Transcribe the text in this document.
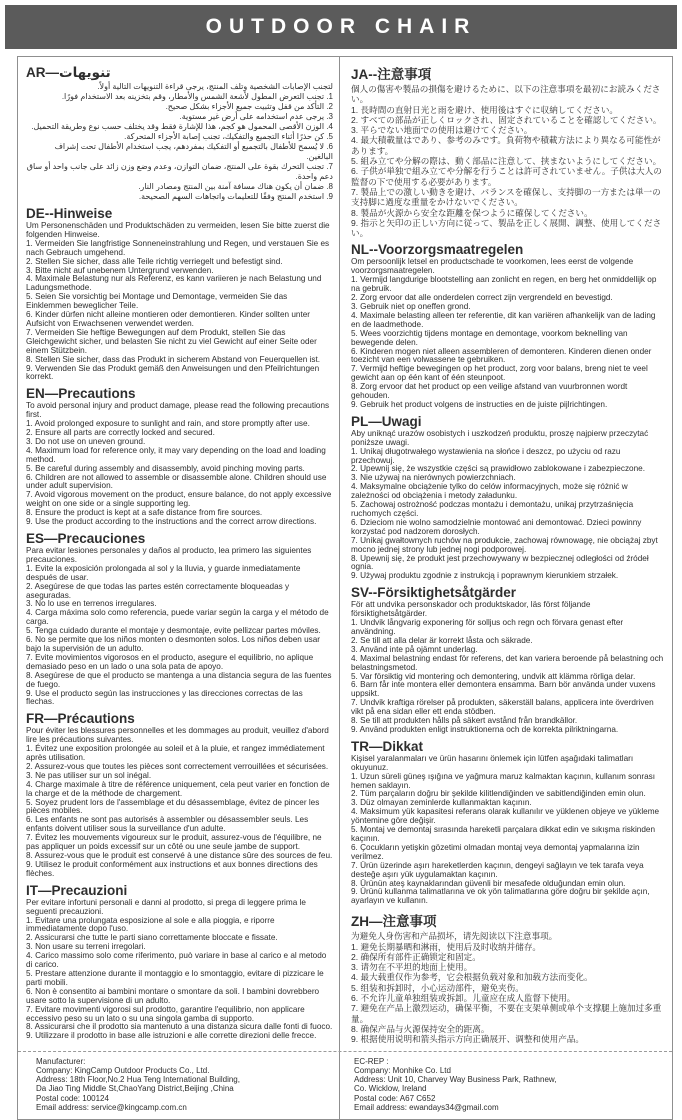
OUTDOOR CHAIR
AR—تنويهات
لتجنب الإصابات الشخصية وتلف المنتج، يرجى قراءة التنويهات التالية أولاً.
1. تجنب التعرض المطول لأشعة الشمس والأمطار، وقم بتخزينه بعد الاستخدام فورًا.
2. التأكد من قفل وتثبيت جميع الأجزاء بشكل صحيح.
3. يرجى عدم استخدامه على أرض غير مستوية.
4. الوزن الأقصى المحمول هو كجم، هذا للإشارة فقط وقد يختلف حسب نوع وطريقة التحميل.
5. كن حذرًا أثناء التجميع والتفكيك، تجنب إصابة الأجزاء المتحركة.
6. لا يُسمح للأطفال بالتجميع أو التفكيك بمفردهم، يجب استخدام الأطفال تحت إشراف البالغين.
7. تجنب التحرك بقوة على المنتج، ضمان التوازن، وعدم وضع وزن زائد على جانب واحد أو ساق دعم واحدة.
8. ضمان أن يكون هناك مسافة آمنة بين المنتج ومصادر النار.
9. استخدم المنتج وفقًا للتعليمات واتجاهات السهم الصحيحة.
DE--Hinweise
Um Personenschäden und Produktschäden zu vermeiden, lesen Sie bitte zuerst die folgenden Hinweise.
1. Vermeiden Sie langfristige Sonneneinstrahlung und Regen, und verstauen Sie es nach Gebrauch umgehend.
2. Stellen Sie sicher, dass alle Teile richtig verriegelt und befestigt sind.
3. Bitte nicht auf unebenem Untergrund verwenden.
4. Maximale Belastung nur als Referenz, es kann variieren je nach Belastung und Ladungsmethode.
5. Seien Sie vorsichtig bei Montage und Demontage, vermeiden Sie das Einklemmen beweglicher Teile.
6. Kinder dürfen nicht alleine montieren oder demontieren. Kinder sollten unter Aufsicht von Erwachsenen verwendet werden.
7. Vermeiden Sie heftige Bewegungen auf dem Produkt, stellen Sie das Gleichgewicht sicher, und belasten Sie nicht zu viel Gewicht auf einer Seite oder einem Stützbein.
8. Stellen Sie sicher, dass das Produkt in sicherem Abstand von Feuerquellen ist.
9. Verwenden Sie das Produkt gemäß den Anweisungen und den Pfeilrichtungen korrekt.
EN—Precautions
To avoid personal injury and product damage, please read the following precautions first.
1. Avoid prolonged exposure to sunlight and rain, and store promptly after use.
2. Ensure all parts are correctly locked and secured.
3. Do not use on uneven ground.
4. Maximum load for reference only, it may vary depending on the load and loading method.
5. Be careful during assembly and disassembly, avoid pinching moving parts.
6. Children are not allowed to assemble or disassemble alone. Children should use under adult supervision.
7. Avoid vigorous movement on the product, ensure balance, do not apply excessive weight on one side or a single supporting leg.
8. Ensure the product is kept at a safe distance from fire sources.
9. Use the product according to the instructions and the correct arrow directions.
ES—Precauciones
Para evitar lesiones personales y daños al producto, lea primero las siguientes precauciones.
1. Evite la exposición prolongada al sol y la lluvia, y guarde inmediatamente después de usar.
2. Asegúrese de que todas las partes estén correctamente bloqueadas y aseguradas.
3. No lo use en terrenos irregulares.
4. Carga máxima solo como referencia, puede variar según la carga y el método de carga.
5. Tenga cuidado durante el montaje y desmontaje, evite pellizcar partes móviles.
6. No se permite que los niños monten o desmonten solos. Los niños deben usar bajo la supervisión de un adulto.
7. Evite movimientos vigorosos en el producto, asegure el equilibrio, no aplique demasiado peso en un lado o una sola pata de apoyo.
8. Asegúrese de que el producto se mantenga a una distancia segura de las fuentes de fuego.
9. Use el producto según las instrucciones y las direcciones correctas de las flechas.
FR—Précautions
Pour éviter les blessures personnelles et les dommages au produit, veuillez d'abord lire les précautions suivantes.
1. Évitez une exposition prolongée au soleil et à la pluie, et rangez immédiatement après utilisation.
2. Assurez-vous que toutes les pièces sont correctement verrouillées et sécurisées.
3. Ne pas utiliser sur un sol inégal.
4. Charge maximale à titre de référence uniquement, cela peut varier en fonction de la charge et de la méthode de chargement.
5. Soyez prudent lors de l'assemblage et du désassemblage, évitez de pincer les pièces mobiles.
6. Les enfants ne sont pas autorisés à assembler ou désassembler seuls. Les enfants doivent utiliser sous la surveillance d'un adulte.
7. Évitez les mouvements vigoureux sur le produit, assurez-vous de l'équilibre, ne pas appliquer un poids excessif sur un côté ou une seule jambe de support.
8. Assurez-vous que le produit est conservé à une distance sûre des sources de feu.
9. Utilisez le produit conformément aux instructions et aux bonnes directions des flèches.
IT—Precauzioni
Per evitare infortuni personali e danni al prodotto, si prega di leggere prima le seguenti precauzioni.
1. Evitare una prolungata esposizione al sole e alla pioggia, e riporre immediatamente dopo l'uso.
2. Assicurarsi che tutte le parti siano correttamente bloccate e fissate.
3. Non usare su terreni irregolari.
4. Carico massimo solo come riferimento, può variare in base al carico e al metodo di carico.
5. Prestare attenzione durante il montaggio e lo smontaggio, evitare di pizzicare le parti mobili.
6. Non è consentito ai bambini montare o smontare da soli. I bambini dovrebbero usare sotto la supervisione di un adulto.
7. Evitare movimenti vigorosi sul prodotto, garantire l'equilibrio, non applicare eccessivo peso su un lato o su una singola gamba di supporto.
8. Assicurarsi che il prodotto sia mantenuto a una distanza sicura dalle fonti di fuoco.
9. Utilizzare il prodotto in base alle istruzioni e alle corrette direzioni delle frecce.
JA--注意事項
個人の傷害や製品の損傷を避けるために、以下の注意事項を最初にお読みください。
1. 長時間の直射日光と雨を避け、使用後はすぐに収納してください。
2. すべての部品が正しくロックされ、固定されていることを確認してください。
3. 平らでない地面での使用は避けてください。
4. 最大積載量はであり、参考のみです。負荷物や積載方法により異なる可能性があります。
5. 組み立てや分解の際は、動く部品に注意して、挟まないようにしてください。
6. 子供が単独で組み立てや分解を行うことは許可されていません。子供は大人の監督の下で使用する必要があります。
7. 製品上での激しい動きを避け、バランスを確保し、支持脚の一方または単一の支持脚に過度な重量をかけないでください。
8. 製品が火源から安全な距離を保つように確保してください。
9. 指示と矢印の正しい方向に従って、製品を正しく展開、調整、使用してください。
NL--Voorzorgsmaatregelen
Om persoonlijk letsel en productschade te voorkomen, lees eerst de volgende voorzorgsmaatregelen.
1. Vermijd langdurige blootstelling aan zonlicht en regen, en berg het onmiddellijk op na gebruik.
2. Zorg ervoor dat alle onderdelen correct zijn vergrendeld en bevestigd.
3. Gebruik niet op oneffen grond.
4. Maximale belasting alleen ter referentie, dit kan variëren afhankelijk van de lading en de laadmethode.
5. Wees voorzichtig tijdens montage en demontage, voorkom beknelling van bewegende delen.
6. Kinderen mogen niet alleen assembleren of demonteren. Kinderen dienen onder toezicht van een volwassene te gebruiken.
7. Vermijd heftige bewegingen op het product, zorg voor balans, breng niet te veel gewicht aan op één kant of één steunpoot.
8. Zorg ervoor dat het product op een veilige afstand van vuurbronnen wordt gehouden.
9. Gebruik het product volgens de instructies en de juiste pijlrichtingen.
PL—Uwagi
Aby uniknąć urazów osobistych i uszkodzeń produktu, proszę najpierw przeczytać poniższe uwagi.
1. Unikaj długotrwałego wystawienia na słońce i deszcz, po użyciu od razu przechowuj.
2. Upewnij się, że wszystkie części są prawidłowo zablokowane i zabezpieczone.
3. Nie używaj na nierównych powierzchniach.
4. Maksymalne obciążenie tylko do celów informacyjnych, może się różnić w zależności od obciążenia i metody załadunku.
5. Zachowaj ostrożność podczas montażu i demontażu, unikaj przytrzaśnięcia ruchomych części.
6. Dzieciom nie wolno samodzielnie montować ani demontować. Dzieci powinny korzystać pod nadzorem dorosłych.
7. Unikaj gwałtownych ruchów na produkcie, zachowaj równowagę, nie obciążaj zbyt mocno jednej strony lub jednej nogi podporowej.
8. Upewnij się, że produkt jest przechowywany w bezpiecznej odległości od źródeł ognia.
9. Używaj produktu zgodnie z instrukcją i poprawnym kierunkiem strzałek.
SV--Försiktighetsåtgärder
För att undvika personskador och produktskador, läs först följande försiktighetsåtgärder.
1. Undvik långvarig exponering för solljus och regn och förvara genast efter användning.
2. Se till att alla delar är korrekt låsta och säkrade.
3. Använd inte på ojämnt underlag.
4. Maximal belastning endast för referens, det kan variera beroende på belastning och belastningsmetod.
5. Var försiktig vid montering och demontering, undvik att klämma rörliga delar.
6. Barn får inte montera eller demontera ensamma. Barn bör använda under vuxens uppsikt.
7. Undvik kraftiga rörelser på produkten, säkerställ balans, applicera inte överdriven vikt på ena sidan eller ett enda stödben.
8. Se till att produkten hålls på säkert avstånd från brandkällor.
9. Använd produkten enligt instruktionerna och de korrekta pilriktningarna.
TR—Dikkat
Kişisel yaralanmaları ve ürün hasarını önlemek için lütfen aşağıdaki talimatları okuyunuz.
1. Uzun süreli güneş ışığına ve yağmura maruz kalmaktan kaçının, kullanım sonrası hemen saklayın.
2. Tüm parçaların doğru bir şekilde kilitlendiğinden ve sabitlendiğinden emin olun.
3. Düz olmayan zeminlerde kullanmaktan kaçının.
4. Maksimum yük kapasitesi referans olarak kullanılır ve yüklenen objeye ve yükleme yöntemine göre değişir.
5. Montaj ve demontaj sırasında hareketli parçalara dikkat edin ve sıkışma riskinden kaçının.
6. Çocukların yetişkin gözetimi olmadan montaj veya demontaj yapmalarına izin verilmez.
7. Ürün üzerinde aşırı hareketlerden kaçının, dengeyi sağlayın ve tek tarafa veya desteğe aşırı yük uygulamaktan kaçının.
8. Ürünün ateş kaynaklarından güvenli bir mesafede olduğundan emin olun.
9. Ürünü kullanma talimatlarına ve ok yön talimatlarına göre doğru bir şekilde açın, ayarlayın ve kullanın.
ZH—注意事项
为避免人身伤害和产品损坏，请先阅读以下注意事项。
1. 避免长期暴晒和淋雨，使用后及时收纳并储存。
2. 确保所有部件正确锁定和固定。
3. 请勿在不平坦的地面上使用。
4. 最大载重仅作为参考，它会根据负载对象和加载方法而变化。
5. 组装和拆卸时，小心运动部件，避免夹伤。
6. 不允许儿童单独组装或拆卸。儿童应在成人监督下使用。
7. 避免在产品上激烈运动，确保平衡，不要在支架单侧或单个支撑腿上施加过多重量。
8. 确保产品与火源保持安全的距离。
9. 根据使用说明和箭头指示方向正确展开、调整和使用产品。
Manufacturer:
Company: KingCamp Outdoor Products Co., Ltd.
Address: 18th Floor,No.2 Hua Teng International Building,
Da Jiao Ting Middle St,ChaoYang District,Beijing ,China
Postal code: 100124
Email address: service@kingcamp.com.cn
EC-REP :
Company: Monhike Co. Ltd
Address: Unit 10, Charvey Way Business Park, Rathnew,
Co. Wicklow, Ireland
Postal code: A67 C652
Email address: ewandays34@gmail.com
